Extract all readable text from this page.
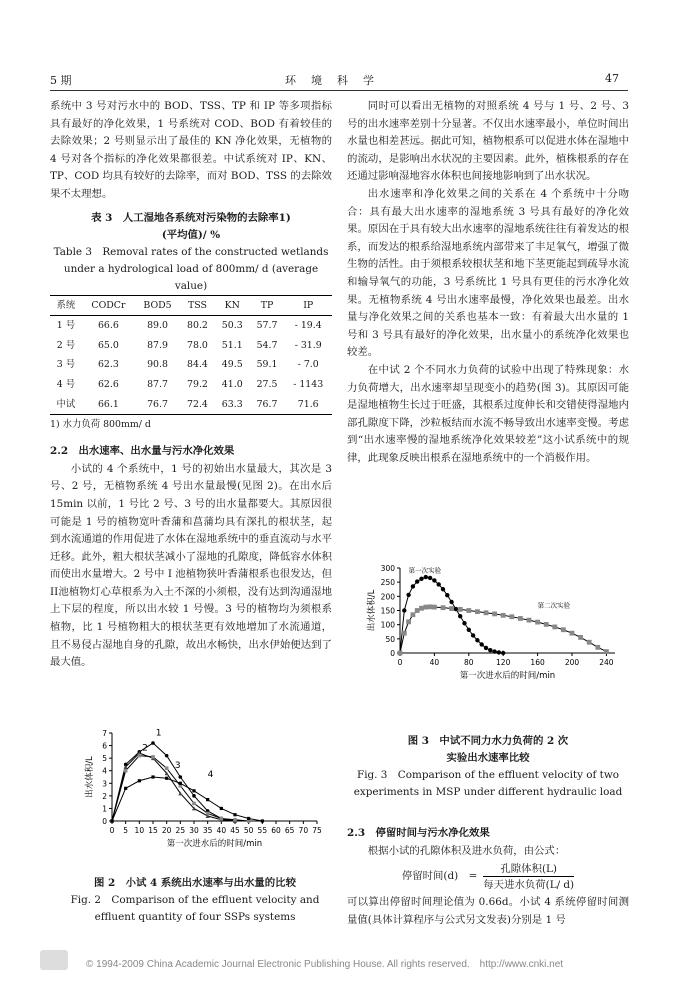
5 期	环　境　科　学	47

系统中 3 号对污水中的 BOD、TSS、TP 和 IP 等多项指标具有最好的净化效果，1 号系统对 COD、BOD 有着较佳的去除效果；2 号则显示出了最佳的 KN 净化效果，无植物的 4 号对各个指标的净化效果都很差。中试系统对 IP、KN、TP、COD 均具有较好的去除率，而对 BOD、TSS 的去除效果不太理想。

表 3　人工湿地各系统对污染物的去除率1)
(平均值)/ %
Table 3　Removal rates of the constructed wetlands
under a hydrological load of 800mm/ d (average value)
系统	CODCr	BOD5	TSS	KN	TP	IP
1 号	66.6	89.0	80.2	50.3	57.7	- 19.4
2 号	65.0	87.9	78.0	51.1	54.7	- 31.9
3 号	62.3	90.8	84.4	49.5	59.1	- 7.0
4 号	62.6	87.7	79.2	41.0	27.5	- 1143
中试	66.1	76.7	72.4	63.3	76.7	71.6
1) 水力负荷 800mm/ d

2.2　出水速率、出水量与污水净化效果

小试的 4 个系统中，1 号的初始出水量最大，其次是 3 号、2 号，无植物系统 4 号出水量最慢(见图 2)。在出水后 15min 以前，1 号比 2 号、3 号的出水量都要大。其原因很可能是 1 号的植物宽叶香蒲和菖蒲均具有深扎的根状茎，起到水流通道的作用促进了水体在湿地系统中的垂直流动与水平迁移。此外，粗大根状茎减小了湿地的孔隙度，降低容水体积而使出水量增大。2 号中 I 池植物狭叶香蒲根系也很发达，但 II池植物灯心草根系为入土不深的小须根，没有达到沟通湿地上下层的程度，所以出水较 1 号慢。3 号的植物均为须根系植物，比 1 号植物粗大的根状茎更有效地增加了水流通道，且不易侵占湿地自身的孔隙，故出水畅快，出水伊始便达到了最大值。

0 5 10 15 20 25 30 35 40 45 50 55 60 65 70 75
0
1
2
3
4
5
6
7
第一次进水后的时间/min
出水体积/L
1
2
3
4
图 2　小试 4 系统出水速率与出水量的比较
Fig. 2　Comparison of the effluent velocity and
effluent quantity of four SSPs systems

同时可以看出无植物的对照系统 4 号与 1 号、2 号、3 号的出水速率差别十分显著。不仅出水速率最小，单位时间出水量也相差甚远。据此可知，植物根系可以促进水体在湿地中的流动，是影响出水状况的主要因素。此外，植株根系的存在还通过影响湿地容水体积也间接地影响到了出水状况。

出水速率和净化效果之间的关系在 4 个系统中十分吻合：具有最大出水速率的湿地系统 3 号具有最好的净化效果。原因在于具有较大出水速率的湿地系统往往有着发达的根系，而发达的根系给湿地系统内部带来了丰足氧气，增强了微生物的活性。由于须根系较根状茎和地下茎更能起到疏导水流和输导氧气的功能，3 号系统比 1 号具有更佳的污水净化效果。无植物系统 4 号出水速率最慢，净化效果也最差。出水量与净化效果之间的关系也基本一致：有着最大出水量的 1 号和 3 号具有最好的净化效果，出水量小的系统净化效果也较差。

在中试 2 个不同水力负荷的试验中出现了特殊现象：水力负荷增大，出水速率却呈现变小的趋势(图 3)。其原因可能是湿地植物生长过于旺盛，其根系过度伸长和交错使得湿地内部孔隙度下降，沙粒板结而水流不畅导致出水速率变慢。考虑到“出水速率慢的湿地系统净化效果较差”这小试系统中的规律，此现象反映出根系在湿地系统中的一个消极作用。

0	40	80	120	160	200	240
0
50
100
150
200
250
300
第一次进水后的时间/min
出水体积/L
第一次实验
第二次实验
图 3　中试不同力水力负荷的 2 次
实验出水速率比较
Fig. 3　Comparison of the effluent velocity of two
experiments in MSP under different hydraulic load

2.3　停留时间与污水净化效果

根据小试的孔隙体积及进水负荷，由公式：

停留时间(d)　=
孔隙体积(L)
每天进水负荷(L/ d)

可以算出停留时间理论值为 0.66d。小试 4 系统停留时间测量值(具体计算程序与公式另文发表)分别是 1 号

© 1994-2009 China Academic Journal Electronic Publishing House. All rights reserved.　http://www.cnki.net
